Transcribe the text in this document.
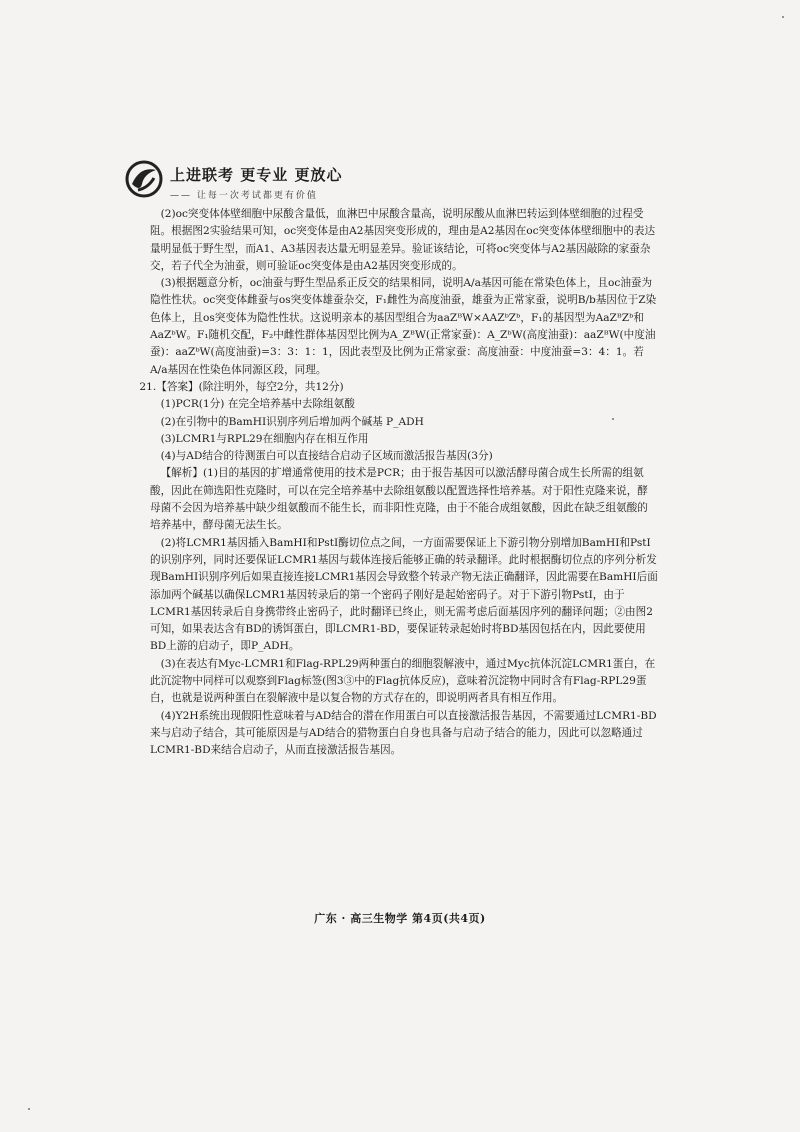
上进联考 更专业 更放心
—— 让每一次考试都更有价值

(2)oc突变体体壁细胞中尿酸含量低，血淋巴中尿酸含量高，说明尿酸从血淋巴转运到体壁细胞的过程受阻。根据图2实验结果可知，oc突变体是由A2基因突变形成的，理由是A2基因在oc突变体体壁细胞中的表达量明显低于野生型，而A1、A3基因表达量无明显差异。验证该结论，可将oc突变体与A2基因敲除的家蚕杂交，若子代全为油蚕，则可验证oc突变体是由A2基因突变形成的。

(3)根据题意分析，oc油蚕与野生型品系正反交的结果相同，说明A/a基因可能在常染色体上，且oc油蚕为隐性性状。oc突变体雌蚕与os突变体雄蚕杂交，F₁雌性为高度油蚕，雄蚕为正常家蚕，说明B/b基因位于Z染色体上，且os突变体为隐性性状。这说明亲本的基因型组合为aaZᴮW×AAZᵇZᵇ，F₁的基因型为AaZᴮZᵇ和AaZᵇW。F₁随机交配，F₂中雌性群体基因型比例为A_ZᴮW(正常家蚕)：A_ZᵇW(高度油蚕)：aaZᴮW(中度油蚕)：aaZᵇW(高度油蚕)=3：3：1：1，因此表型及比例为正常家蚕：高度油蚕：中度油蚕=3：4：1。若A/a基因在性染色体同源区段，同理。

21.【答案】(除注明外，每空2分，共12分)

(1)PCR(1分) 在完全培养基中去除组氨酸

(2)在引物中的BamHⅠ识别序列后增加两个碱基 P_ADH

(3)LCMR1与RPL29在细胞内存在相互作用

(4)与AD结合的待测蛋白可以直接结合启动子区域而激活报告基因(3分)

【解析】(1)目的基因的扩增通常使用的技术是PCR；由于报告基因可以激活酵母菌合成生长所需的组氨酸，因此在筛选阳性克隆时，可以在完全培养基中去除组氨酸以配置选择性培养基。对于阳性克隆来说，酵母菌不会因为培养基中缺少组氨酸而不能生长，而非阳性克隆，由于不能合成组氨酸，因此在缺乏组氨酸的培养基中，酵母菌无法生长。

(2)将LCMR1基因插入BamHⅠ和PstⅠ酶切位点之间，一方面需要保证上下游引物分别增加BamHⅠ和PstⅠ的识别序列，同时还要保证LCMR1基因与载体连接后能够正确的转录翻译。此时根据酶切位点的序列分析发现BamHⅠ识别序列后如果直接连接LCMR1基因会导致整个转录产物无法正确翻译，因此需要在BamHⅠ后面添加两个碱基以确保LCMR1基因转录后的第一个密码子刚好是起始密码子。对于下游引物PstⅠ，由于LCMR1基因转录后自身携带终止密码子，此时翻译已终止，则无需考虑后面基因序列的翻译问题；②由图2可知，如果表达含有BD的诱饵蛋白，即LCMR1-BD，要保证转录起始时将BD基因包括在内，因此要使用BD上游的启动子，即P_ADH。

(3)在表达有Myc-LCMR1和Flag-RPL29两种蛋白的细胞裂解液中，通过Myc抗体沉淀LCMR1蛋白，在此沉淀物中同样可以观察到Flag标签(图3③中的Flag抗体反应)，意味着沉淀物中同时含有Flag-RPL29蛋白，也就是说两种蛋白在裂解液中是以复合物的方式存在的，即说明两者具有相互作用。

(4)Y2H系统出现假阳性意味着与AD结合的潜在作用蛋白可以直接激活报告基因，不需要通过LCMR1-BD来与启动子结合，其可能原因是与AD结合的猎物蛋白自身也具备与启动子结合的能力，因此可以忽略通过LCMR1-BD来结合启动子，从而直接激活报告基因。

广东 · 高三生物学 第4页(共4页)
